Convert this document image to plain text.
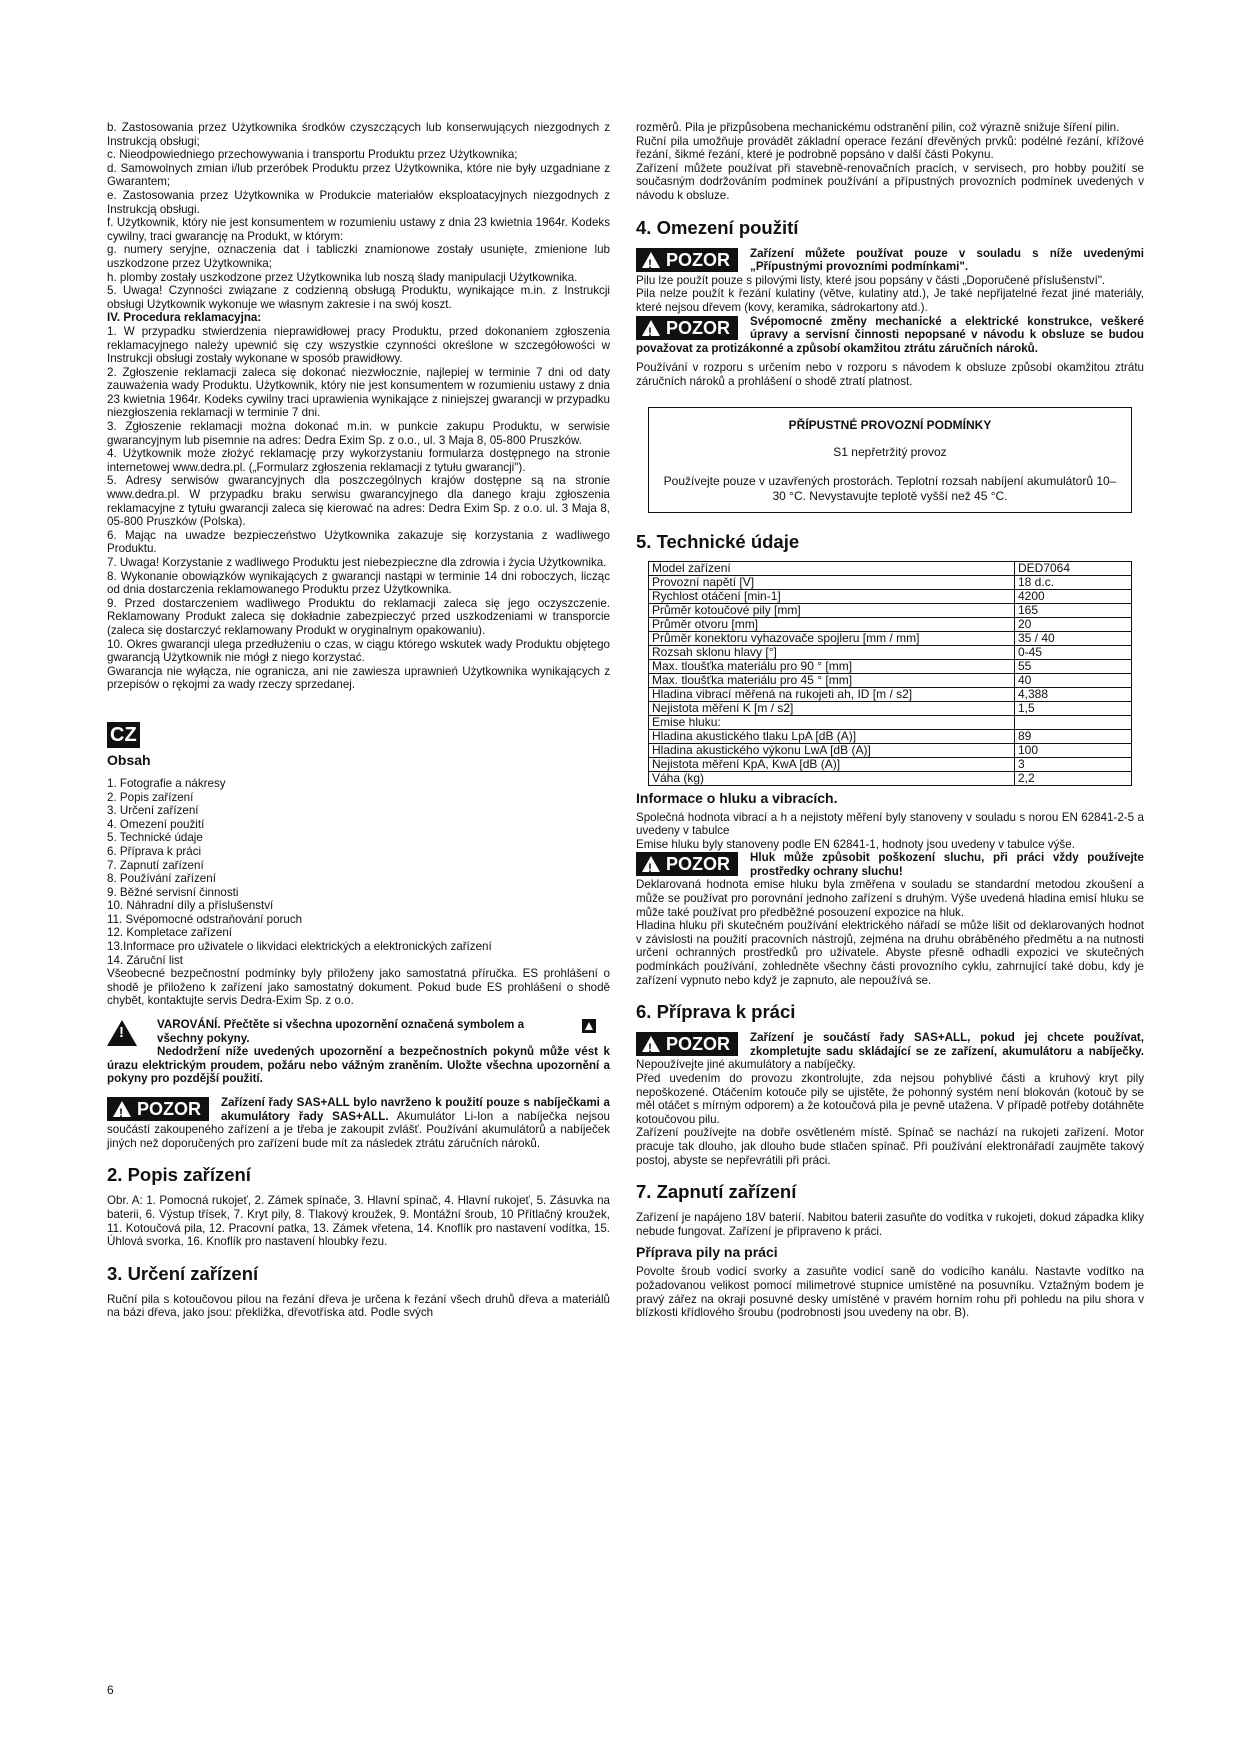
b. Zastosowania przez Użytkownika środków czyszczących lub konserwujących niezgodnych z Instrukcją obsługi;

c. Nieodpowiedniego przechowywania i transportu Produktu przez Użytkownika;

d. Samowolnych zmian i/lub przeróbek Produktu przez Użytkownika, które nie były uzgadniane z Gwarantem;

e. Zastosowania przez Użytkownika w Produkcie materiałów eksploatacyjnych niezgodnych z Instrukcją obsługi.

f. Użytkownik, który nie jest konsumentem w rozumieniu ustawy z dnia 23 kwietnia 1964r. Kodeks cywilny, traci gwarancję na Produkt, w którym:

g. numery seryjne, oznaczenia dat i tabliczki znamionowe zostały usunięte, zmienione lub uszkodzone przez Użytkownika;

h. plomby zostały uszkodzone przez Użytkownika lub noszą ślady manipulacji Użytkownika.

5. Uwaga! Czynności związane z codzienną obsługą Produktu, wynikające m.in. z Instrukcji obsługi Użytkownik wykonuje we własnym zakresie i na swój koszt.

IV. Procedura reklamacyjna:

1. W przypadku stwierdzenia nieprawidłowej pracy Produktu, przed dokonaniem zgłoszenia reklamacyjnego należy upewnić się czy wszystkie czynności określone w szczegółowości w Instrukcji obsługi zostały wykonane w sposób prawidłowy.

2. Zgłoszenie reklamacji zaleca się dokonać niezwłocznie, najlepiej w terminie 7 dni od daty zauważenia wady Produktu. Użytkownik, który nie jest konsumentem w rozumieniu ustawy z dnia 23 kwietnia 1964r. Kodeks cywilny traci uprawienia wynikające z niniejszej gwarancji w przypadku niezgłoszenia reklamacji w terminie 7 dni.

3. Zgłoszenie reklamacji można dokonać m.in. w punkcie zakupu Produktu, w serwisie gwarancyjnym lub pisemnie na adres: Dedra Exim Sp. z o.o., ul. 3 Maja 8, 05-800 Pruszków.

4. Użytkownik może złożyć reklamację przy wykorzystaniu formularza dostępnego na stronie internetowej www.dedra.pl. („Formularz zgłoszenia reklamacji z tytułu gwarancji").

5. Adresy serwisów gwarancyjnych dla poszczególnych krajów dostępne są na stronie www.dedra.pl. W przypadku braku serwisu gwarancyjnego dla danego kraju zgłoszenia reklamacyjne z tytułu gwarancji zaleca się kierować na adres: Dedra Exim Sp. z o.o. ul. 3 Maja 8, 05-800 Pruszków (Polska).

6. Mając na uwadze bezpieczeństwo Użytkownika zakazuje się korzystania z wadliwego Produktu.

7. Uwaga! Korzystanie z wadliwego Produktu jest niebezpieczne dla zdrowia i życia Użytkownika.

8. Wykonanie obowiązków wynikających z gwarancji nastąpi w terminie 14 dni roboczych, licząc od dnia dostarczenia reklamowanego Produktu przez Użytkownika.

9. Przed dostarczeniem wadliwego Produktu do reklamacji zaleca się jego oczyszczenie. Reklamowany Produkt zaleca się dokładnie zabezpieczyć przed uszkodzeniami w transporcie (zaleca się dostarczyć reklamowany Produkt w oryginalnym opakowaniu).

10. Okres gwarancji ulega przedłużeniu o czas, w ciągu którego wskutek wady Produktu objętego gwarancją Użytkownik nie mógł z niego korzystać.

Gwarancja nie wyłącza, nie ogranicza, ani nie zawiesza uprawnień Użytkownika wynikających z przepisów o rękojmi za wady rzeczy sprzedanej.

CZ
Obsah
1. Fotografie a nákresy
2. Popis zařízení
3. Určení zařízení
4. Omezení použití
5. Technické údaje
6. Příprava k práci
7. Zapnutí zařízení
8. Používání zařízení
9. Běžné servisní činnosti
10. Náhradní díly a příslušenství
11. Svépomocné odstraňování poruch
12. Kompletace zařízení
13.Informace pro uživatele o likvidaci elektrických a elektronických zařízení
14. Záruční list

Všeobecné bezpečnostní podmínky byly přiloženy jako samostatná příručka. ES prohlášení o shodě je přiloženo k zařízení jako samostatný dokument. Pokud bude ES prohlášení o shodě chybět, kontaktujte servis Dedra-Exim Sp. z o.o.

!

VAROVÁNÍ. Přečtěte si všechna upozornění označená symbolem a všechny pokyny.

Nedodržení níže uvedených upozornění a bezpečnostních pokynů může vést k úrazu elektrickým proudem, požáru nebo vážným zraněním. Uložte všechna upozornění a pokyny pro pozdější použití.

!POZOR	Zařízení řady SAS+ALL bylo navrženo k použití pouze s nabíječkami a akumulátory řady SAS+ALL. Akumulátor Li-Ion a nabíječka nejsou součástí zakoupeného zařízení a je třeba je zakoupit zvlášť. Používání akumulátorů a nabíječek jiných než doporučených pro zařízení bude mít za následek ztrátu záručních nároků.

2. Popis zařízení

Obr. A: 1. Pomocná rukojeť, 2. Zámek spínače, 3. Hlavní spínač, 4. Hlavní rukojeť, 5. Zásuvka na baterii, 6. Výstup třísek, 7. Kryt pily, 8. Tlakový kroužek, 9. Montážní šroub, 10 Přítlačný kroužek, 11. Kotoučová pila, 12. Pracovní patka, 13. Zámek vřetena, 14. Knoflík pro nastavení vodítka, 15. Úhlová svorka, 16. Knoflík pro nastavení hloubky řezu.

3. Určení zařízení

Ruční pila s kotoučovou pilou na řezání dřeva je určena k řezání všech druhů dřeva a materiálů na bázi dřeva, jako jsou: překližka, dřevotříska atd. Podle svých

rozměrů. Pila je přizpůsobena mechanickému odstranění pilin, což výrazně snižuje šíření pilin.

Ruční pila umožňuje provádět základní operace řezání dřevěných prvků: podélné řezání, křížové řezání, šikmé řezání, které je podrobně popsáno v další části Pokynu.

Zařízení můžete používat při stavebně-renovačních pracích, v servisech, pro hobby použití se současným dodržováním podmínek používání a přípustných provozních podmínek uvedených v návodu k obsluze.

4. Omezení použití
!POZOR	Zařízení můžete používat pouze v souladu s níže uvedenými „Přípustnými provozními podmínkami".

Pilu lze použít pouze s pilovými listy, které jsou popsány v části „Doporučené příslušenství".

Pila nelze použít k řezání kulatiny (větve, kulatiny atd.), Je také nepřijatelné řezat jiné materiály, které nejsou dřevem (kovy, keramika, sádrokartony atd.).

!POZOR	Svépomocné změny mechanické a elektrické konstrukce, veškeré úpravy a servisní činnosti nepopsané v návodu k obsluze se budou považovat za protizákonné a způsobí okamžitou ztrátu záručních nároků.

Používání v rozporu s určením nebo v rozporu s návodem k obsluze způsobí okamžitou ztrátu záručních nároků a prohlášení o shodě ztratí platnost.

PŘÍPUSTNÉ PROVOZNÍ PODMÍNKY

S1 nepřetržitý provoz

Používejte pouze v uzavřených prostorách. Teplotní rozsah nabíjení akumulátorů 10–30 °C. Nevystavujte teplotě vyšší než 45 °C.

5. Technické údaje
Model zařízení	DED7064
Provozní napětí [V]	18 d.c.
Rychlost otáčení [min-1]	4200
Průměr kotoučové pily [mm]	165
Průměr otvoru [mm]	20
Průměr konektoru vyhazovače spojleru [mm / mm]	35 / 40
Rozsah sklonu hlavy [°]	0-45
Max. tloušťka materiálu pro 90 ° [mm]	55
Max. tloušťka materiálu pro 45 ° [mm]	40
Hladina vibrací měřená na rukojeti ah, ID [m / s2]	4,388
Nejistota měření K [m / s2]	1,5
Emise hluku:	
Hladina akustického tlaku LpA [dB (A)]	89
Hladina akustického výkonu LwA [dB (A)]	100
Nejistota měření KpA, KwA [dB (A)]	3
Váha (kg)	2,2
Informace o hluku a vibracích.

Společná hodnota vibrací a h a nejistoty měření byly stanoveny v souladu s norou EN 62841-2-5 a uvedeny v tabulce

Emise hluku byly stanoveny podle EN 62841-1, hodnoty jsou uvedeny v tabulce výše.

!POZOR	Hluk může způsobit poškození sluchu, při práci vždy používejte prostředky ochrany sluchu!

Deklarovaná hodnota emise hluku byla změřena v souladu se standardní metodou zkoušení a může se používat pro porovnání jednoho zařízení s druhým. Výše uvedená hladina emisí hluku se může také používat pro předběžné posouzení expozice na hluk.

Hladina hluku při skutečném používání elektrického nářadí se může lišit od deklarovaných hodnot v závislosti na použití pracovních nástrojů, zejména na druhu obráběného předmětu a na nutnosti určení ochranných prostředků pro uživatele. Abyste přesně odhadli expozici ve skutečných podmínkách používání, zohledněte všechny části provozního cyklu, zahrnující také dobu, kdy je zařízení vypnuto nebo když je zapnuto, ale nepoužívá se.

6. Příprava k práci
!POZOR	Zařízení je součástí řady SAS+ALL, pokud jej chcete používat, zkompletujte sadu skládající se ze zařízení, akumulátoru a nabíječky. Nepoužívejte jiné akumulátory a nabíječky.

Před uvedením do provozu zkontrolujte, zda nejsou pohyblivé části a kruhový kryt pily nepoškozené. Otáčením kotouče pily se ujistěte, že pohonný systém není blokován (kotouč by se měl otáčet s mírným odporem) a že kotoučová pila je pevně utažena. V případě potřeby dotáhněte kotoučovou pilu.

Zařízení používejte na dobře osvětleném místě. Spínač se nachází na rukojeti zařízení. Motor pracuje tak dlouho, jak dlouho bude stlačen spínač. Při používání elektronářadí zaujměte takový postoj, abyste se nepřevrátili při práci.

7. Zapnutí zařízení

Zařízení je napájeno 18V baterií. Nabitou baterii zasuňte do vodítka v rukojeti, dokud západka kliky nebude fungovat. Zařízení je připraveno k práci.

Příprava pily na práci

Povolte šroub vodicí svorky a zasuňte vodicí saně do vodicího kanálu. Nastavte vodítko na požadovanou velikost pomocí milimetrové stupnice umístěné na posuvníku. Vztažným bodem je pravý zářez na okraji posuvné desky umístěné v pravém horním rohu při pohledu na pilu shora v blízkosti křídlového šroubu (podrobnosti jsou uvedeny na obr. B).

6
